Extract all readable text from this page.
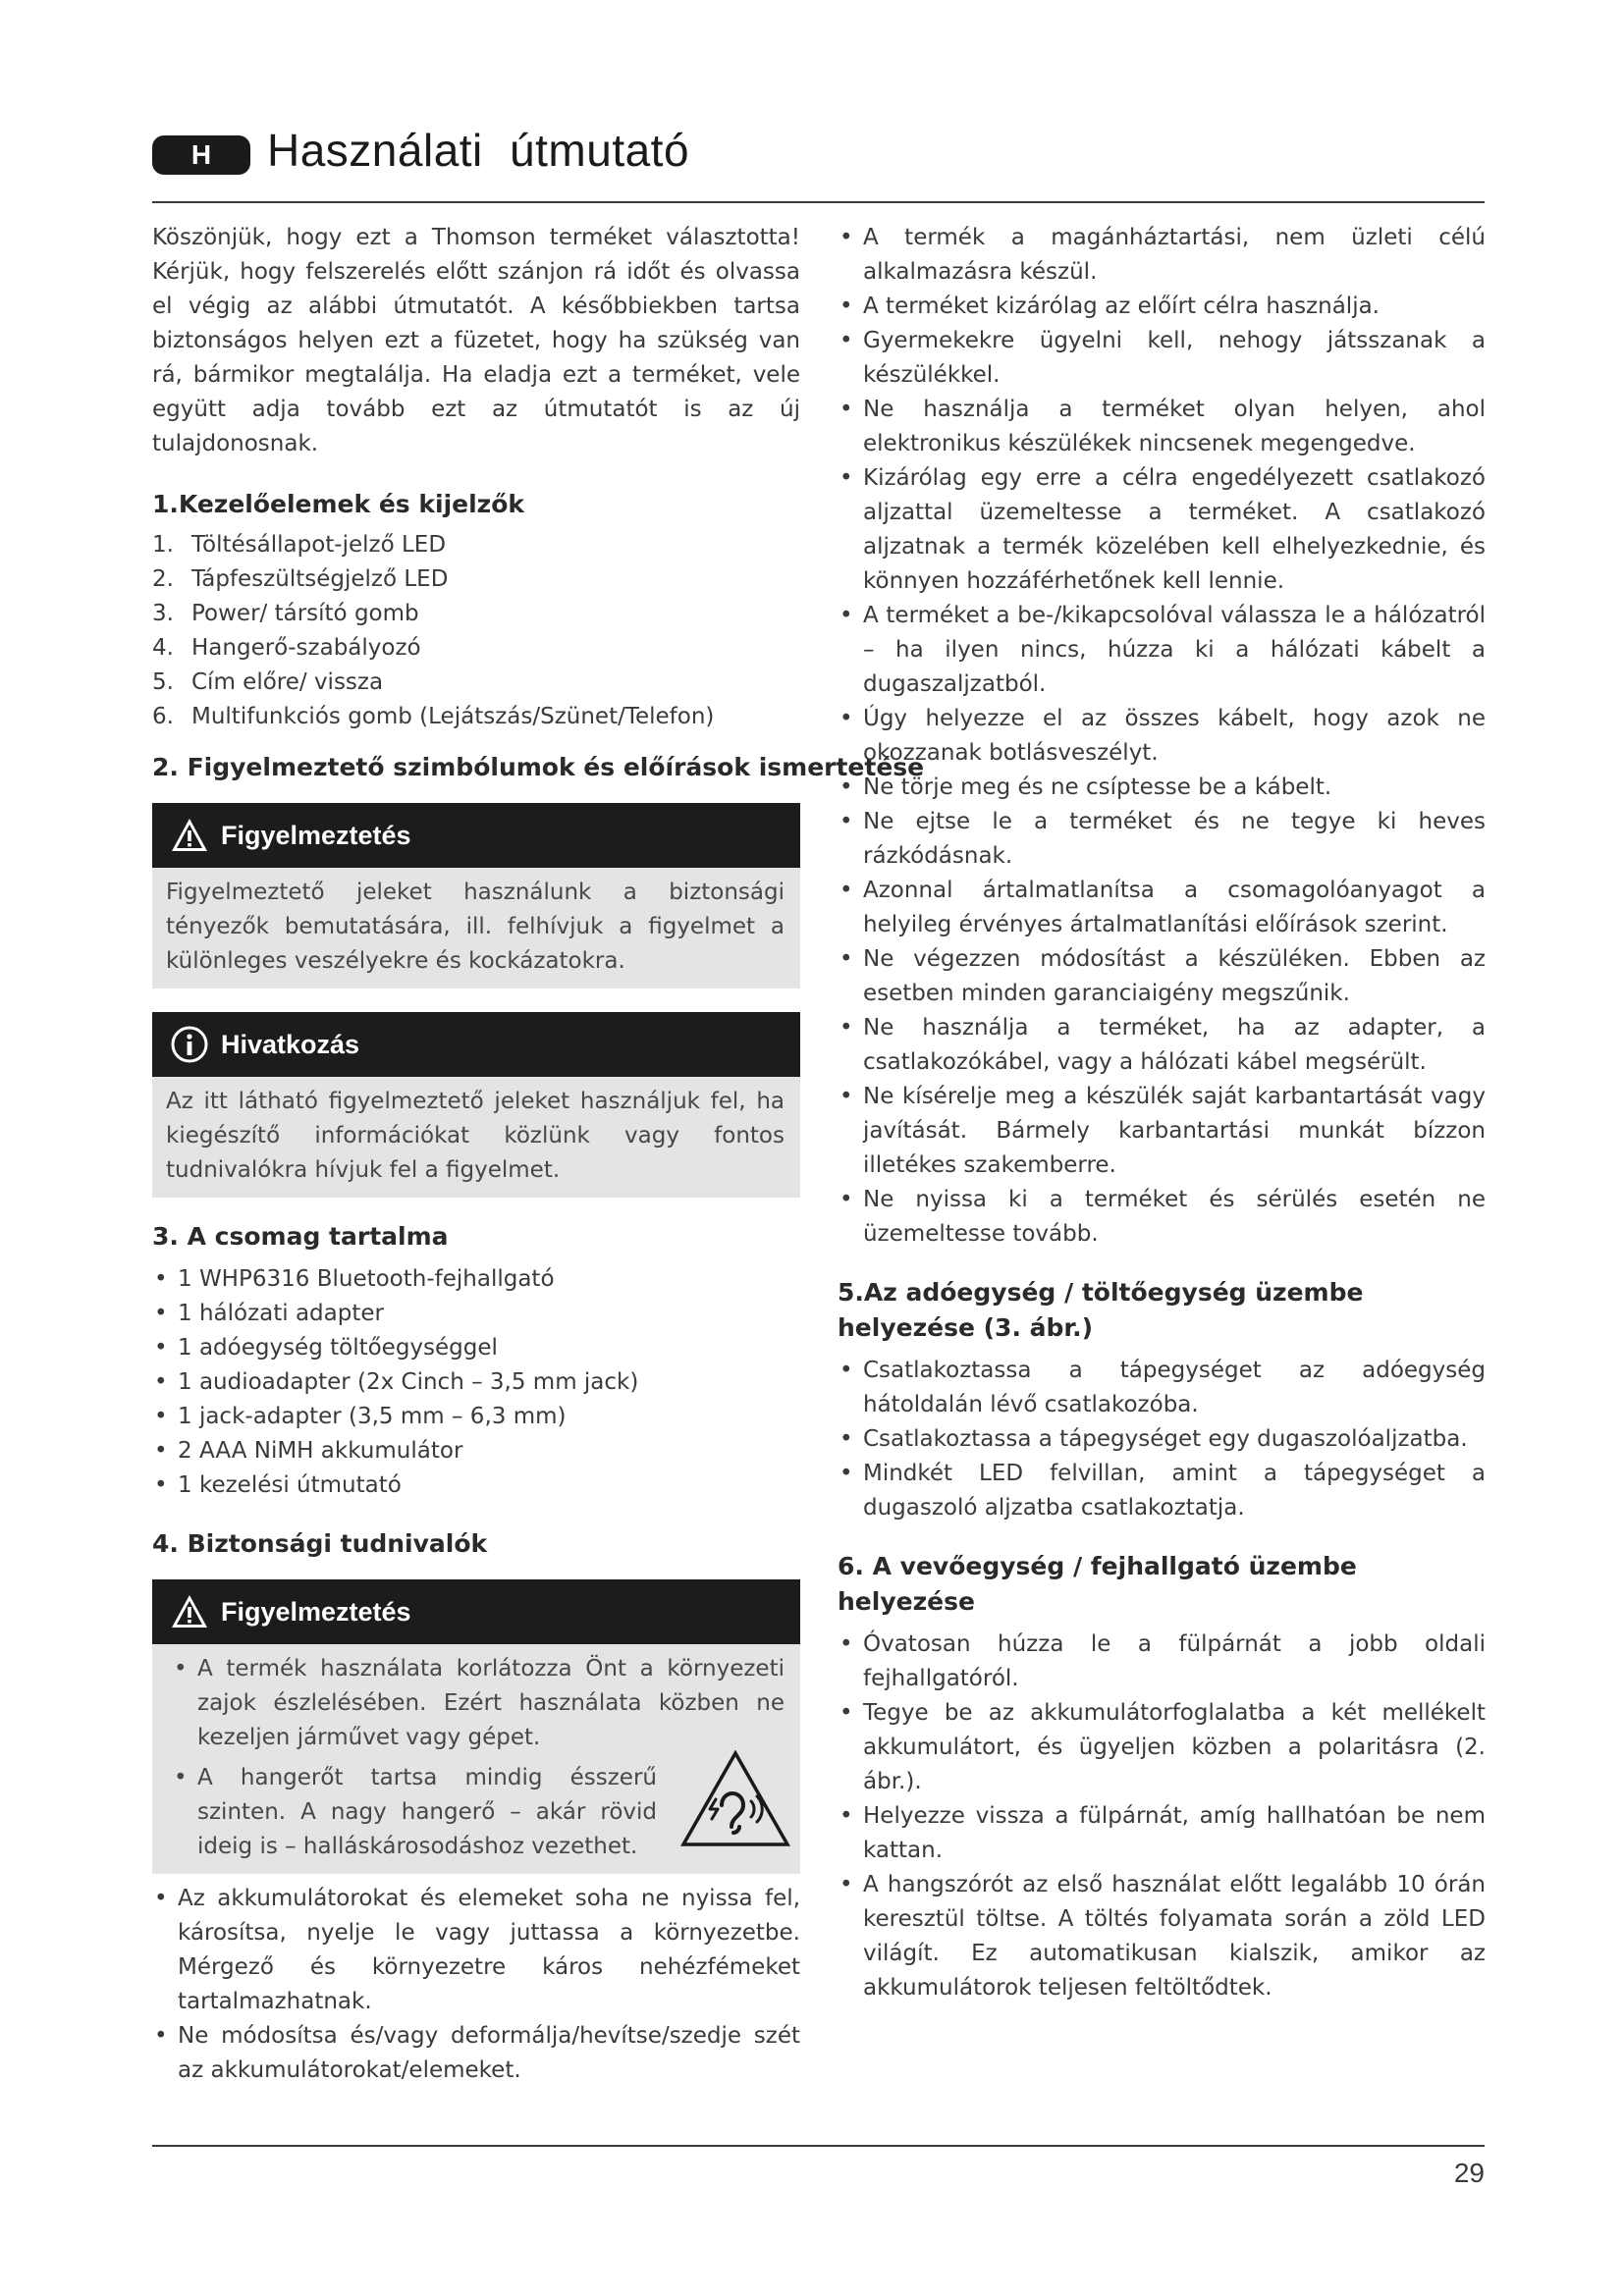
H	Használati útmutató

Köszönjük, hogy ezt a Thomson terméket választotta! Kérjük, hogy felszerelés előtt szánjon rá időt és olvassa el végig az alábbi útmutatót. A későbbiekben tartsa biztonságos helyen ezt a füzetet, hogy ha szükség van rá, bármikor megtalálja. Ha eladja ezt a terméket, vele együtt adja tovább ezt az útmutatót is az új tulajdonosnak.

1.Kezelőelemek és kijelzők
1. Töltésállapot-jelző LED
2. Tápfeszültségjelző LED
3. Power/ társító gomb
4. Hangerő-szabályozó
5. Cím előre/ vissza
6. Multifunkciós gomb (Lejátszás/Szünet/Telefon)
2. Figyelmeztető szimbólumok és előírások ismertetése
Figyelmeztetés

Figyelmeztető jeleket használunk a biztonsági tényezők bemutatására, ill. felhívjuk a figyelmet a különleges veszélyekre és kockázatokra.

Hivatkozás

Az itt látható figyelmeztető jeleket használjuk fel, ha kiegészítő információkat közlünk vagy fontos tudnivalókra hívjuk fel a figyelmet.

3. A csomag tartalma
• 1 WHP6316 Bluetooth-fejhallgató
• 1 hálózati adapter
• 1 adóegység töltőegységgel
• 1 audioadapter (2x Cinch – 3,5 mm jack)
• 1 jack-adapter (3,5 mm – 6,3 mm)
• 2 AAA NiMH akkumulátor
• 1 kezelési útmutató
4. Biztonsági tudnivalók
Figyelmeztetés
• A termék használata korlátozza Önt a környezeti zajok észlelésében. Ezért használata közben ne kezeljen járművet vagy gépet.
• A hangerőt tartsa mindig ésszerű szinten. A nagy hangerő – akár rövid ideig is – halláskárosodáshoz vezethet.
• Az akkumulátorokat és elemeket soha ne nyissa fel, károsítsa, nyelje le vagy juttassa a környezetbe. Mérgező és környezetre káros nehézfémeket tartalmazhatnak.
• Ne módosítsa és/vagy deformálja/hevítse/szedje szét az akkumulátorokat/elemeket.
• A termék a magánháztartási, nem üzleti célú alkalmazásra készül.
• A terméket kizárólag az előírt célra használja.
• Gyermekekre ügyelni kell, nehogy játsszanak a készülékkel.
• Ne használja a terméket olyan helyen, ahol elektronikus készülékek nincsenek megengedve.
• Kizárólag egy erre a célra engedélyezett csatlakozó aljzattal üzemeltesse a terméket. A csatlakozó aljzatnak a termék közelében kell elhelyezkednie, és könnyen hozzáférhetőnek kell lennie.
• A terméket a be-/kikapcsolóval válassza le a hálózatról – ha ilyen nincs, húzza ki a hálózati kábelt a dugaszaljzatból.
• Úgy helyezze el az összes kábelt, hogy azok ne okozzanak botlásveszélyt.
• Ne törje meg és ne csíptesse be a kábelt.
• Ne ejtse le a terméket és ne tegye ki heves rázkódásnak.
• Azonnal ártalmatlanítsa a csomagolóanyagot a helyileg érvényes ártalmatlanítási előírások szerint.
• Ne végezzen módosítást a készüléken. Ebben az esetben minden garanciaigény megszűnik.
• Ne használja a terméket, ha az adapter, a csatlakozókábel, vagy a hálózati kábel megsérült.
• Ne kísérelje meg a készülék saját karbantartását vagy javítását. Bármely karbantartási munkát bízzon illetékes szakemberre.
• Ne nyissa ki a terméket és sérülés esetén ne üzemeltesse tovább.
5.Az adóegység / töltőegység üzembe helyezése (3. ábr.)
• Csatlakoztassa a tápegységet az adóegység hátoldalán lévő csatlakozóba.
• Csatlakoztassa a tápegységet egy dugaszolóaljzatba.
• Mindkét LED felvillan, amint a tápegységet a dugaszoló aljzatba csatlakoztatja.
6. A vevőegység / fejhallgató üzembe helyezése
• Óvatosan húzza le a fülpárnát a jobb oldali fejhallgatóról.
• Tegye be az akkumulátorfoglalatba a két mellékelt akkumulátort, és ügyeljen közben a polaritásra (2. ábr.).
• Helyezze vissza a fülpárnát, amíg hallhatóan be nem kattan.
• A hangszórót az első használat előtt legalább 10 órán keresztül töltse. A töltés folyamata során a zöld LED világít. Ez automatikusan kialszik, amikor az akkumulátorok teljesen feltöltődtek.
29
